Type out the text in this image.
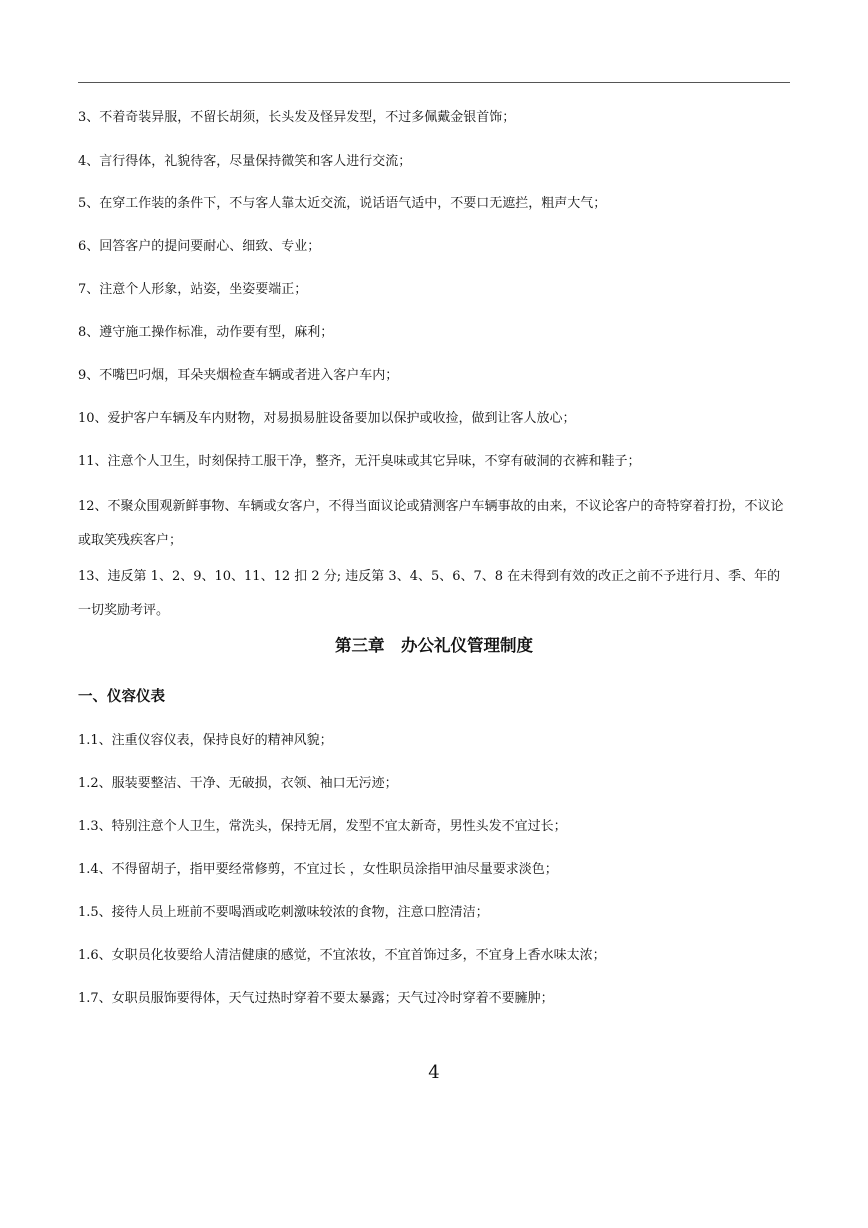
3、不着奇装异服，不留长胡须，长头发及怪异发型，不过多佩戴金银首饰；

4、言行得体，礼貌待客，尽量保持微笑和客人进行交流；

5、在穿工作装的条件下，不与客人靠太近交流，说话语气适中，不要口无遮拦，粗声大气；

6、回答客户的提问要耐心、细致、专业；

7、注意个人形象，站姿，坐姿要端正；

8、遵守施工操作标准，动作要有型，麻利；

9、不嘴巴叼烟，耳朵夹烟检查车辆或者进入客户车内；

10、爱护客户车辆及车内财物，对易损易脏设备要加以保护或收捡，做到让客人放心；

11、注意个人卫生，时刻保持工服干净，整齐，无汗臭味或其它异味，不穿有破洞的衣裤和鞋子；

12、不聚众围观新鲜事物、车辆或女客户，不得当面议论或猜测客户车辆事故的由来，不议论客户的奇特穿着打扮，不议论或取笑残疾客户；

13、违反第 1、2、9、10、11、12 扣 2 分; 违反第 3、4、5、6、7、8 在未得到有效的改正之前不予进行月、季、年的一切奖励考评。

第三章　办公礼仪管理制度
一、仪容仪表

1.1、注重仪容仪表，保持良好的精神风貌；

1.2、服装要整洁、干净、无破损，衣领、袖口无污迹；

1.3、特别注意个人卫生，常洗头，保持无屑，发型不宜太新奇，男性头发不宜过长；

1.4、不得留胡子，指甲要经常修剪，不宜过长 ，女性职员涂指甲油尽量要求淡色；

1.5、接待人员上班前不要喝酒或吃刺激味较浓的食物，注意口腔清洁；

1.6、女职员化妆要给人清洁健康的感觉，不宜浓妆，不宜首饰过多，不宜身上香水味太浓；

1.7、女职员服饰要得体，天气过热时穿着不要太暴露；天气过冷时穿着不要臃肿；

4
